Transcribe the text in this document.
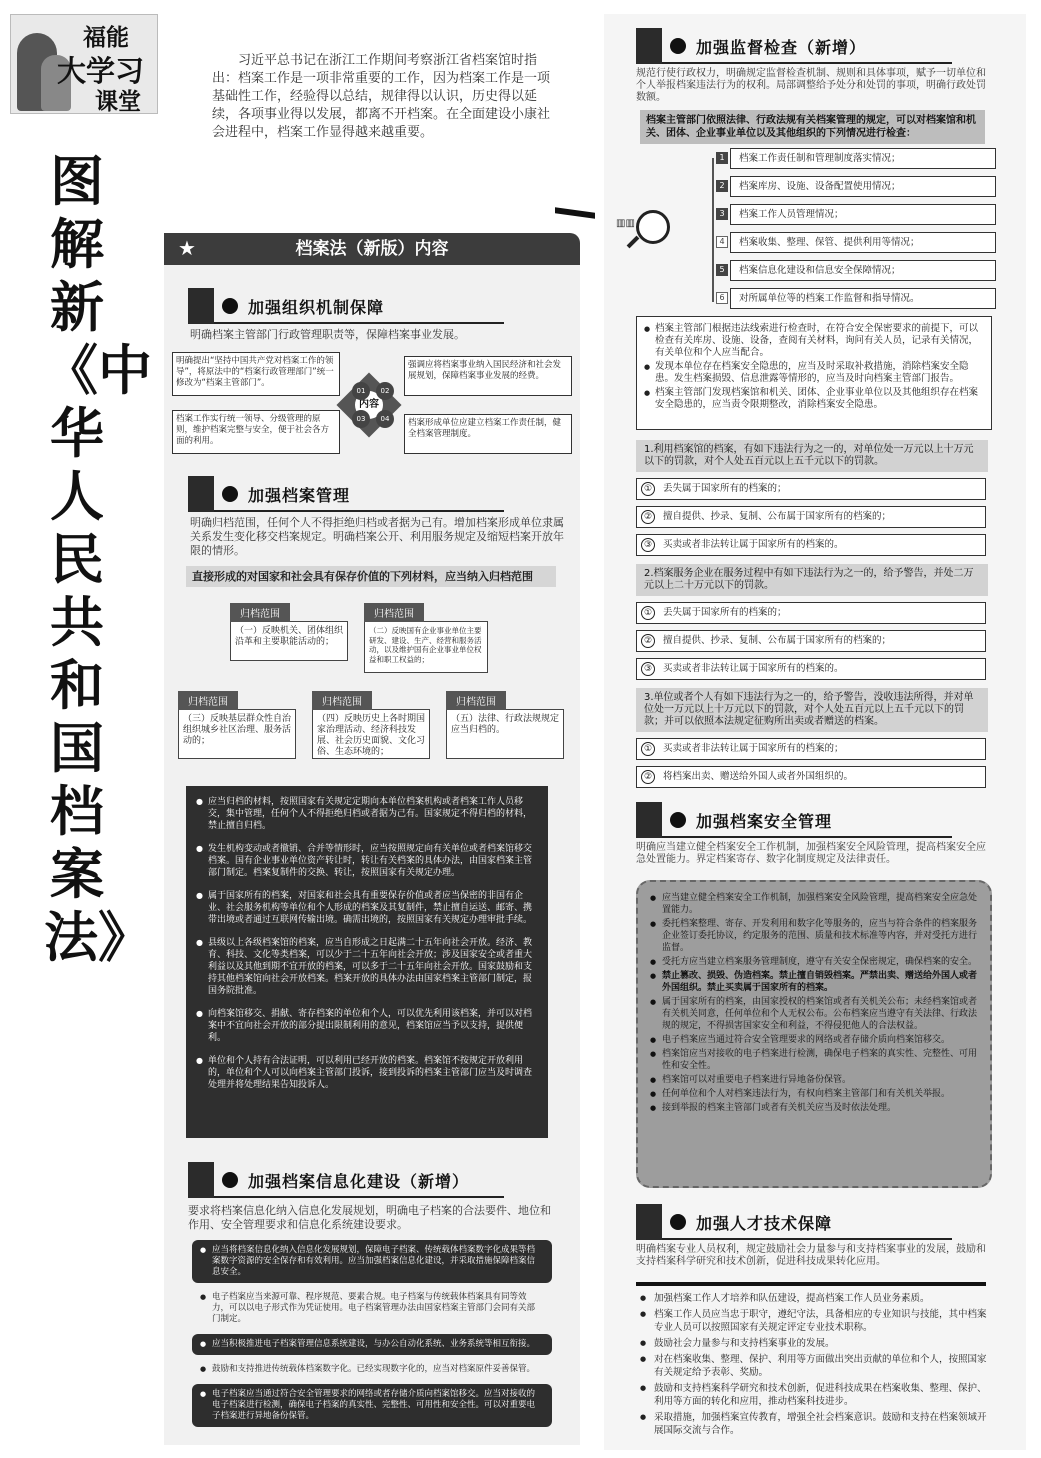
福能
大学习
课堂
习近平总书记在浙江工作期间考察浙江省档案馆时指出：档案工作是一项非常重要的工作，因为档案工作是一项基础性工作，经验得以总结，规律得以认识，历史得以延续，各项事业得以发展，都离不开档案。在全面建设小康社会进程中，档案工作显得越来越重要。
图解新《中华人民共和国档案法》
★	档案法（新版）内容
加强组织机制保障
明确档案主管部门行政管理职责等，保障档案事业发展。
明确提出“坚持中国共产党对档案工作的领导”，将原法中的“档案行政管理部门”统一修改为“档案主管部门”。
强调应将档案事业纳入国民经济和社会发展规划，保障档案事业发展的经费。
档案工作实行统一领导、分级管理的原则，维护档案完整与安全，便于社会各方面的利用。
档案形成单位应建立档案工作责任制，健全档案管理制度。
内容
01	02
03	04
加强档案管理
明确归档范围，任何个人不得拒绝归档或者据为己有。增加档案形成单位隶属关系发生变化移交档案规定。明确档案公开、利用服务规定及缩短档案开放年限的情形。
直接形成的对国家和社会具有保存价值的下列材料，应当纳入归档范围
归档范围
（一）反映机关、团体组织沿革和主要职能活动的；
归档范围
（二）反映国有企业事业单位主要研发、建设、生产、经营和服务活动，以及维护国有企业事业单位权益和职工权益的；
归档范围
（三）反映基层群众性自治组织城乡社区治理、服务活动的；
归档范围
（四）反映历史上各时期国家治理活动、经济科技发展、社会历史面貌、文化习俗、生态环境的；
归档范围
（五）法律、行政法规规定应当归档的。
● 应当归档的材料，按照国家有关规定定期向本单位档案机构或者档案工作人员移交，集中管理，任何个人不得拒绝归档或者据为己有。国家规定不得归档的材料，禁止擅自归档。
● 发生机构变动或者撤销、合并等情形时，应当按照规定向有关单位或者档案馆移交档案。国有企业事业单位资产转让时，转让有关档案的具体办法，由国家档案主管部门制定。档案复制件的交换、转让，按照国家有关规定办理。
● 属于国家所有的档案，对国家和社会具有重要保存价值或者应当保密的非国有企业、社会服务机构等单位和个人形成的档案及其复制件，禁止擅自运送、邮寄、携带出境或者通过互联网传输出境。确需出境的，按照国家有关规定办理审批手续。
● 县级以上各级档案馆的档案，应当自形成之日起满二十五年向社会开放。经济、教育、科技、文化等类档案，可以少于二十五年向社会开放；涉及国家安全或者重大利益以及其他到期不宜开放的档案，可以多于二十五年向社会开放。国家鼓励和支持其他档案馆向社会开放档案。档案开放的具体办法由国家档案主管部门制定，报国务院批准。
● 向档案馆移交、捐献、寄存档案的单位和个人，可以优先利用该档案，并可以对档案中不宜向社会开放的部分提出限制利用的意见，档案馆应当予以支持，提供便利。
● 单位和个人持有合法证明，可以利用已经开放的档案。档案馆不按规定开放利用的，单位和个人可以向档案主管部门投诉，接到投诉的档案主管部门应当及时调查处理并将处理结果告知投诉人。
加强档案信息化建设（新增）
要求将档案信息化纳入信息化发展规划，明确电子档案的合法要件、地位和作用、安全管理要求和信息化系统建设要求。
● 应当将档案信息化纳入信息化发展规划，保障电子档案、传统载体档案数字化成果等档案数字资源的安全保存和有效利用。应当加强档案信息化建设，并采取措施保障档案信息安全。
● 电子档案应当来源可靠、程序规范、要素合规。电子档案与传统载体档案具有同等效力，可以以电子形式作为凭证使用。电子档案管理办法由国家档案主管部门会同有关部门制定。
● 应当积极推进电子档案管理信息系统建设，与办公自动化系统、业务系统等相互衔接。
● 鼓励和支持推进传统载体档案数字化。已经实现数字化的，应当对档案原件妥善保管。
● 电子档案应当通过符合安全管理要求的网络或者存储介质向档案馆移交。应当对接收的电子档案进行检测，确保电子档案的真实性、完整性、可用性和安全性。可以对重要电子档案进行异地备份保管。
加强监督检查（新增）
规范行使行政权力，明确规定监督检查机制、规则和具体事项，赋予一切单位和个人举报档案违法行为的权利。局部调整给予处分和处罚的事项，明确行政处罚数额。
档案主管部门依照法律、行政法规有关档案管理的规定，可以对档案馆和机关、团体、企业事业单位以及其他组织的下列情况进行检查：
▥▥
1	档案工作责任制和管理制度落实情况；
2	档案库房、设施、设备配置使用情况；
3	档案工作人员管理情况；
4	档案收集、整理、保管、提供利用等情况；
5	档案信息化建设和信息安全保障情况；
6	对所属单位等的档案工作监督和指导情况。
● 档案主管部门根据违法线索进行检查时，在符合安全保密要求的前提下，可以检查有关库房、设施、设备，查阅有关材料，询问有关人员，记录有关情况，有关单位和个人应当配合。
● 发现本单位存在档案安全隐患的，应当及时采取补救措施，消除档案安全隐患。发生档案损毁、信息泄露等情形的，应当及时向档案主管部门报告。
● 档案主管部门发现档案馆和机关、团体、企业事业单位以及其他组织存在档案安全隐患的，应当责令限期整改，消除档案安全隐患。
1.利用档案馆的档案，有如下违法行为之一的，对单位处一万元以上十万元以下的罚款，对个人处五百元以上五千元以下的罚款。
①	丢失属于国家所有的档案的；
②	擅自提供、抄录、复制、公布属于国家所有的档案的；
③	买卖或者非法转让属于国家所有的档案的。
2.档案服务企业在服务过程中有如下违法行为之一的，给予警告，并处二万元以上二十万元以下的罚款。
①	丢失属于国家所有的档案的；
②	擅自提供、抄录、复制、公布属于国家所有的档案的；
③	买卖或者非法转让属于国家所有的档案的。
3.单位或者个人有如下违法行为之一的，给予警告，没收违法所得，并对单位处一万元以上十万元以下的罚款，对个人处五百元以上五千元以下的罚款；并可以依照本法规定征购所出卖或者赠送的档案。
①	买卖或者非法转让属于国家所有的档案的；
②	将档案出卖、赠送给外国人或者外国组织的。
加强档案安全管理
明确应当建立健全档案安全工作机制，加强档案安全风险管理，提高档案安全应急处置能力。界定档案寄存、数字化制度规定及法律责任。
● 应当建立健全档案安全工作机制，加强档案安全风险管理，提高档案安全应急处置能力。
● 委托档案整理、寄存、开发利用和数字化等服务的，应当与符合条件的档案服务企业签订委托协议，约定服务的范围、质量和技术标准等内容，并对受托方进行监督。
● 受托方应当建立档案服务管理制度，遵守有关安全保密规定，确保档案的安全。
● 禁止篡改、损毁、伪造档案。禁止擅自销毁档案。严禁出卖、赠送给外国人或者外国组织。禁止买卖属于国家所有的档案。
● 属于国家所有的档案，由国家授权的档案馆或者有关机关公布；未经档案馆或者有关机关同意，任何单位和个人无权公布。公布档案应当遵守有关法律、行政法规的规定，不得损害国家安全和利益，不得侵犯他人的合法权益。
● 电子档案应当通过符合安全管理要求的网络或者存储介质向档案馆移交。
● 档案馆应当对接收的电子档案进行检测，确保电子档案的真实性、完整性、可用性和安全性。
● 档案馆可以对重要电子档案进行异地备份保管。
● 任何单位和个人对档案违法行为，有权向档案主管部门和有关机关举报。
● 接到举报的档案主管部门或者有关机关应当及时依法处理。
加强人才技术保障
明确档案专业人员权利，规定鼓励社会力量参与和支持档案事业的发展，鼓励和支持档案科学研究和技术创新，促进科技成果转化应用。
● 加强档案工作人才培养和队伍建设，提高档案工作人员业务素质。
● 档案工作人员应当忠于职守，遵纪守法，具备相应的专业知识与技能，其中档案专业人员可以按照国家有关规定评定专业技术职称。
● 鼓励社会力量参与和支持档案事业的发展。
● 对在档案收集、整理、保护、利用等方面做出突出贡献的单位和个人，按照国家有关规定给予表彰、奖励。
● 鼓励和支持档案科学研究和技术创新，促进科技成果在档案收集、整理、保护、利用等方面的转化和应用，推动档案科技进步。
● 采取措施，加强档案宣传教育，增强全社会档案意识。鼓励和支持在档案领域开展国际交流与合作。
